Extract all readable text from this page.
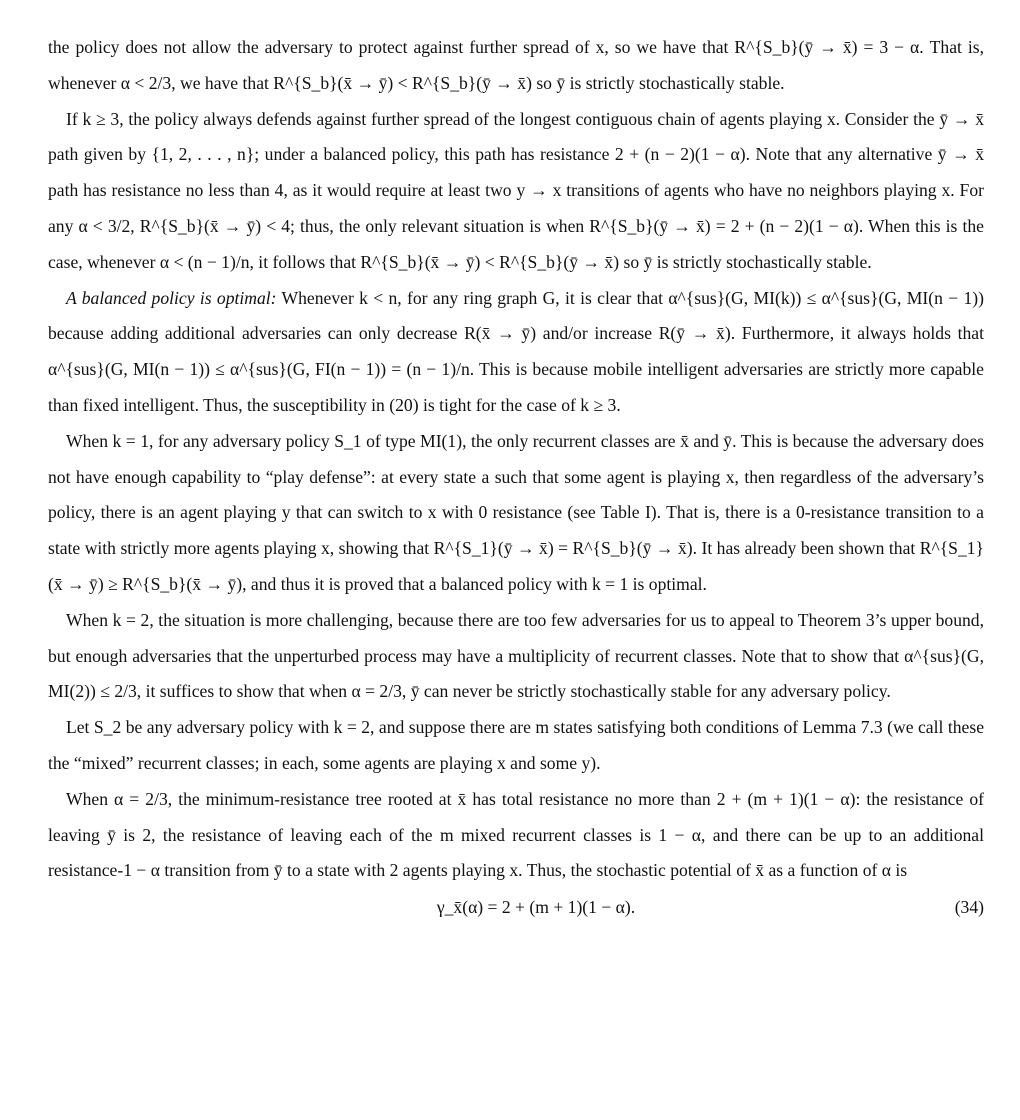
the policy does not allow the adversary to protect against further spread of x, so we have that R^{S_b}(ȳ → x̄) = 3 − α. That is, whenever α < 2/3, we have that R^{S_b}(x̄ → ȳ) < R^{S_b}(ȳ → x̄) so ȳ is strictly stochastically stable.

If k ≥ 3, the policy always defends against further spread of the longest contiguous chain of agents playing x. Consider the ȳ → x̄ path given by {1, 2, . . . , n}; under a balanced policy, this path has resistance 2 + (n − 2)(1 − α). Note that any alternative ȳ → x̄ path has resistance no less than 4, as it would require at least two y → x transitions of agents who have no neighbors playing x. For any α < 3/2, R^{S_b}(x̄ → ȳ) < 4; thus, the only relevant situation is when R^{S_b}(ȳ → x̄) = 2 + (n − 2)(1 − α). When this is the case, whenever α < (n − 1)/n, it follows that R^{S_b}(x̄ → ȳ) < R^{S_b}(ȳ → x̄) so ȳ is strictly stochastically stable.

A balanced policy is optimal: Whenever k < n, for any ring graph G, it is clear that α^{sus}(G, MI(k)) ≤ α^{sus}(G, MI(n − 1)) because adding additional adversaries can only decrease R(x̄ → ȳ) and/or increase R(ȳ → x̄). Furthermore, it always holds that α^{sus}(G, MI(n − 1)) ≤ α^{sus}(G, FI(n − 1)) = (n − 1)/n. This is because mobile intelligent adversaries are strictly more capable than fixed intelligent. Thus, the susceptibility in (20) is tight for the case of k ≥ 3.

When k = 1, for any adversary policy S_1 of type MI(1), the only recurrent classes are x̄ and ȳ. This is because the adversary does not have enough capability to “play defense”: at every state a such that some agent is playing x, then regardless of the adversary’s policy, there is an agent playing y that can switch to x with 0 resistance (see Table I). That is, there is a 0-resistance transition to a state with strictly more agents playing x, showing that R^{S_1}(ȳ → x̄) = R^{S_b}(ȳ → x̄). It has already been shown that R^{S_1}(x̄ → ȳ) ≥ R^{S_b}(x̄ → ȳ), and thus it is proved that a balanced policy with k = 1 is optimal.

When k = 2, the situation is more challenging, because there are too few adversaries for us to appeal to Theorem 3’s upper bound, but enough adversaries that the unperturbed process may have a multiplicity of recurrent classes. Note that to show that α^{sus}(G, MI(2)) ≤ 2/3, it suffices to show that when α = 2/3, ȳ can never be strictly stochastically stable for any adversary policy.

Let S_2 be any adversary policy with k = 2, and suppose there are m states satisfying both conditions of Lemma 7.3 (we call these the “mixed” recurrent classes; in each, some agents are playing x and some y).

When α = 2/3, the minimum-resistance tree rooted at x̄ has total resistance no more than 2 + (m + 1)(1 − α): the resistance of leaving ȳ is 2, the resistance of leaving each of the m mixed recurrent classes is 1 − α, and there can be up to an additional resistance-1 − α transition from ȳ to a state with 2 agents playing x. Thus, the stochastic potential of x̄ as a function of α is

γ_x̄(α) = 2 + (m + 1)(1 − α).	(34)
